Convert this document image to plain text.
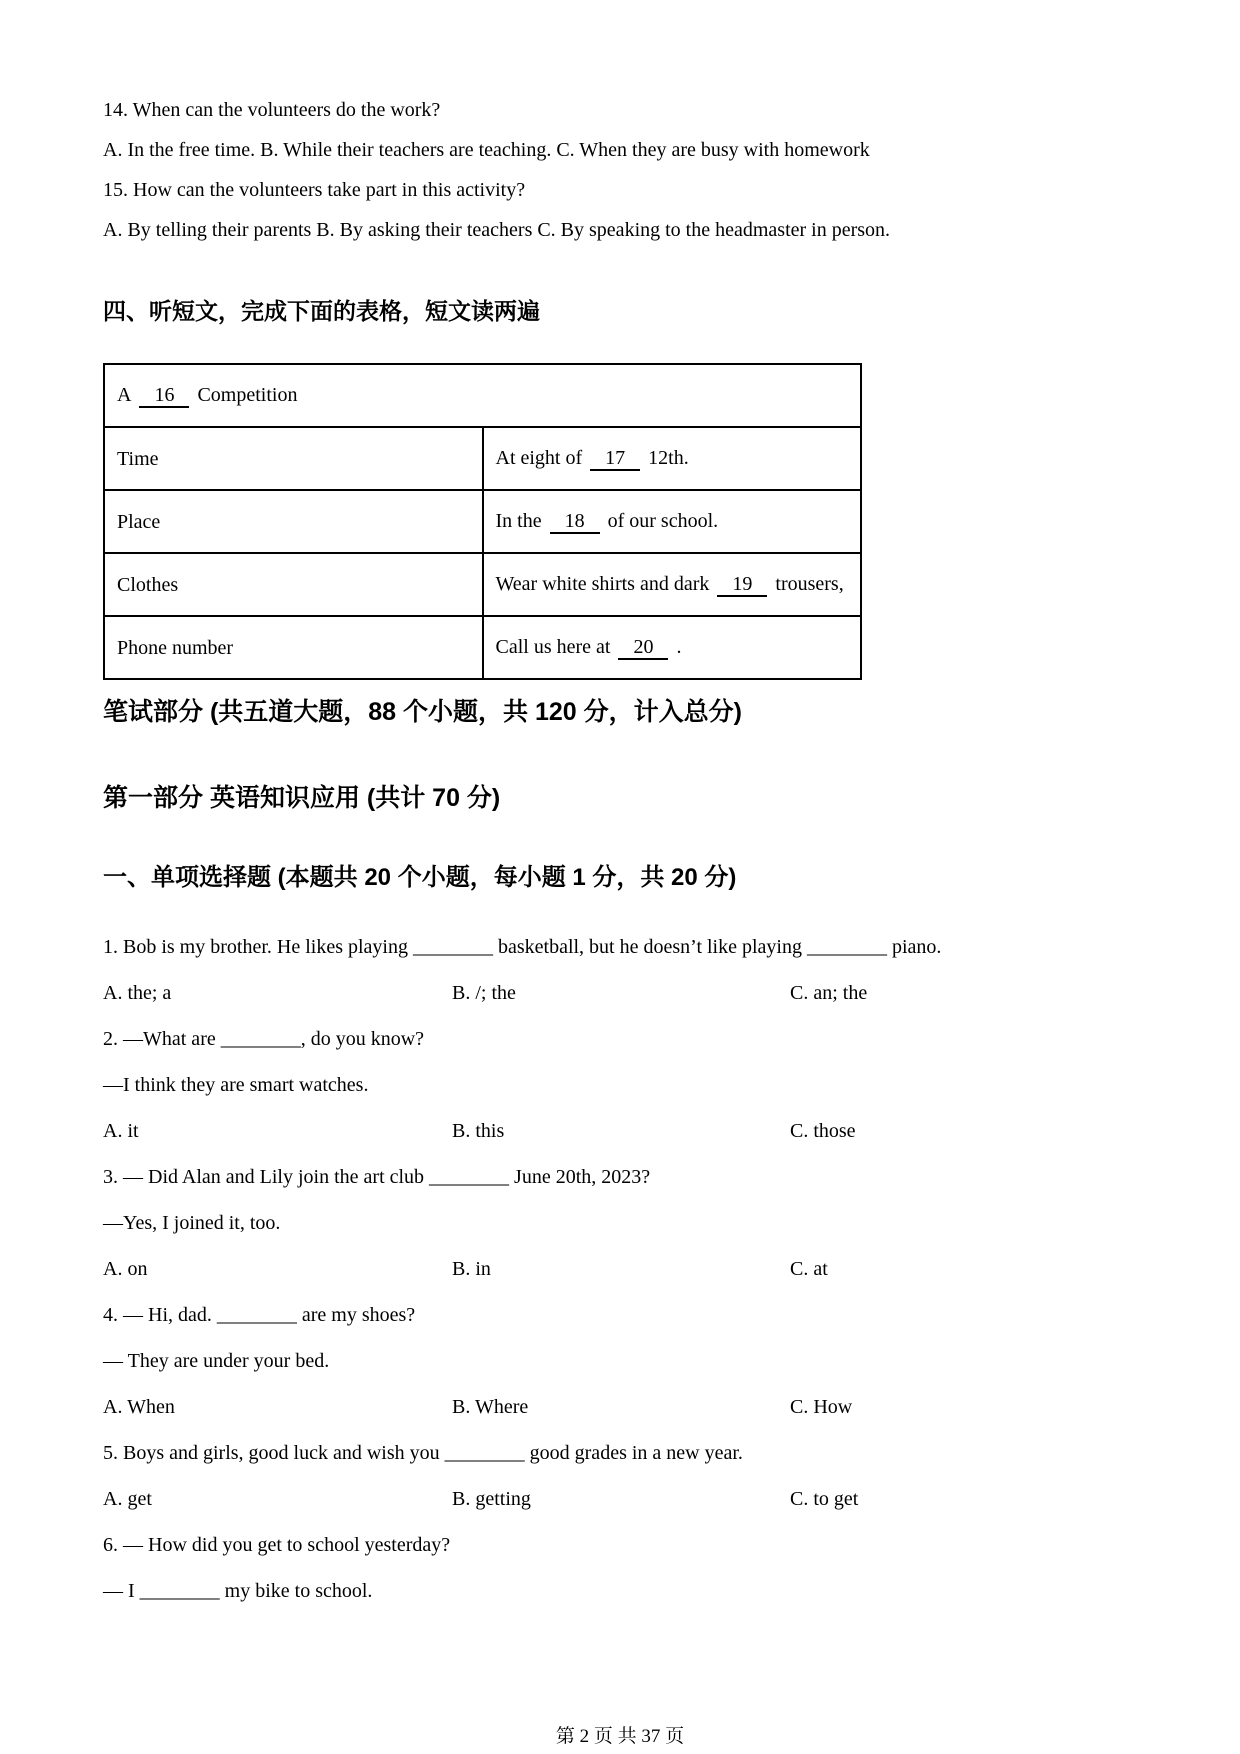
14. When can the volunteers do the work?

A. In the free time. B. While their teachers are teaching. C. When they are busy with homework

15. How can the volunteers take part in this activity?

A. By telling their parents B. By asking their teachers C. By speaking to the headmaster in person.

四、听短文，完成下面的表格，短文读两遍
A 16 Competition	
Time	At eight of 17 12th.
Place	In the 18 of our school.
Clothes	Wear white shirts and dark 19 trousers,
Phone number	Call us here at 20 .
笔试部分 (共五道大题，88 个小题，共 120 分，计入总分)
第一部分 英语知识应用 (共计 70 分)
一、单项选择题 (本题共 20 个小题，每小题 1 分，共 20 分)

1. Bob is my brother. He likes playing ________ basketball, but he doesn’t like playing ________ piano.

A. the; a	B. /; the	C. an; the

2. —What are ________, do you know?

—I think they are smart watches.

A. it	B. this	C. those

3. — Did Alan and Lily join the art club ________ June 20th, 2023?

—Yes, I joined it, too.

A. on	B. in	C. at

4. — Hi, dad. ________ are my shoes?

— They are under your bed.

A. When	B. Where	C. How

5. Boys and girls, good luck and wish you ________ good grades in a new year.

A. get	B. getting	C. to get

6. — How did you get to school yesterday?

— I ________ my bike to school.

第 2 页 共 37 页
